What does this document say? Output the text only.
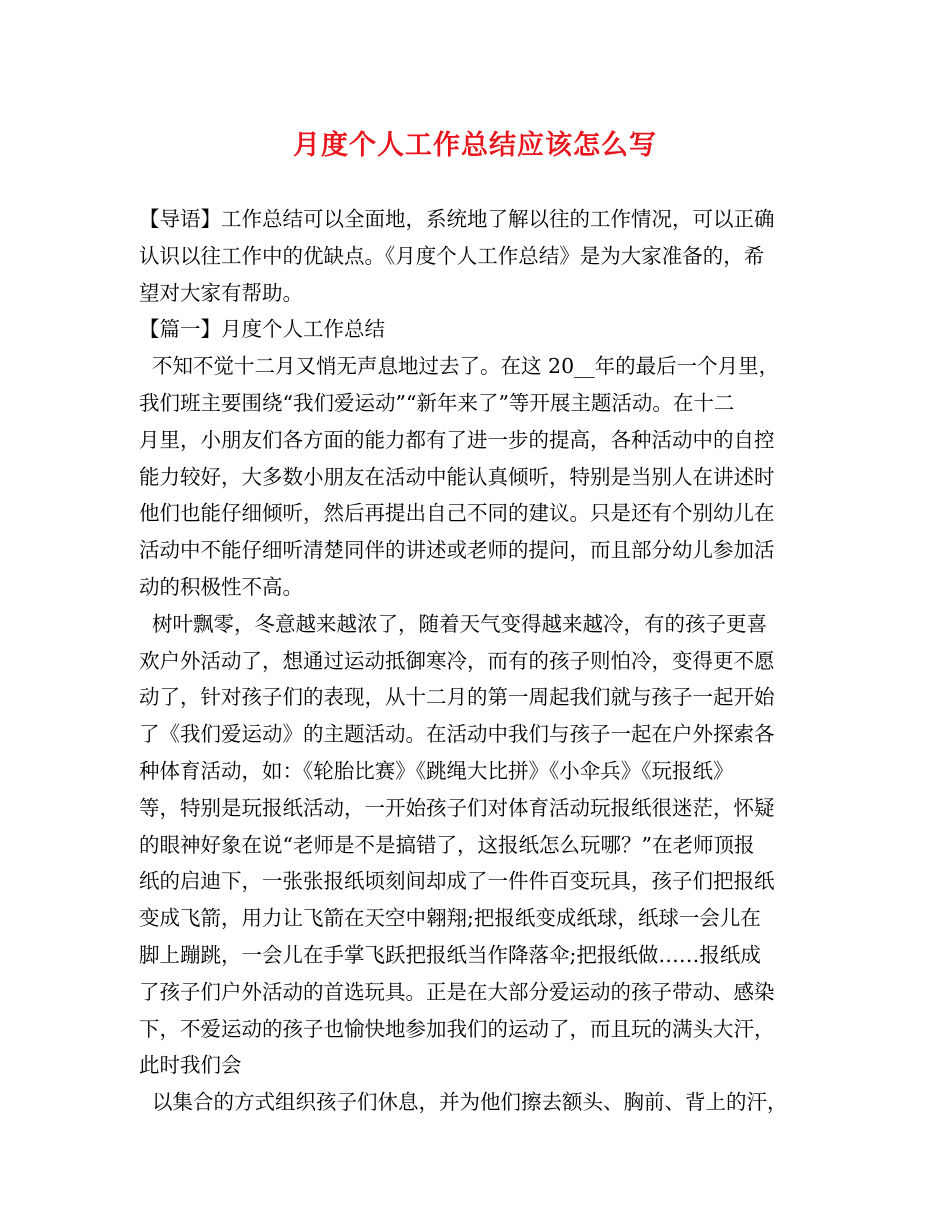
月度个人工作总结应该怎么写
【导语】工作总结可以全面地，系统地了解以往的工作情况，可以正确
认识以往工作中的优缺点。《月度个人工作总结》是为大家准备的，希
望对大家有帮助。
【篇一】月度个人工作总结
不知不觉十二月又悄无声息地过去了。在这 20__年的最后一个月里，
我们班主要围绕“我们爱运动”“新年来了”等开展主题活动。在十二
月里，小朋友们各方面的能力都有了进一步的提高，各种活动中的自控
能力较好，大多数小朋友在活动中能认真倾听，特别是当别人在讲述时
他们也能仔细倾听，然后再提出自己不同的建议。只是还有个别幼儿在
活动中不能仔细听清楚同伴的讲述或老师的提问，而且部分幼儿参加活
动的积极性不高。
树叶飘零，冬意越来越浓了，随着天气变得越来越冷，有的孩子更喜
欢户外活动了，想通过运动抵御寒冷，而有的孩子则怕冷，变得更不愿
动了，针对孩子们的表现，从十二月的第一周起我们就与孩子一起开始
了《我们爱运动》的主题活动。在活动中我们与孩子一起在户外探索各
种体育活动，如：《轮胎比赛》《跳绳大比拼》《小伞兵》《玩报纸》
等，特别是玩报纸活动，一开始孩子们对体育活动玩报纸很迷茫，怀疑
的眼神好象在说“老师是不是搞错了，这报纸怎么玩哪？”在老师顶报
纸的启迪下，一张张报纸顷刻间却成了一件件百变玩具，孩子们把报纸
变成飞箭，用力让飞箭在天空中翱翔;把报纸变成纸球，纸球一会儿在
脚上蹦跳，一会儿在手掌飞跃把报纸当作降落伞;把报纸做……报纸成
了孩子们户外活动的首选玩具。正是在大部分爱运动的孩子带动、感染
下，不爱运动的孩子也愉快地参加我们的运动了，而且玩的满头大汗，
此时我们会
以集合的方式组织孩子们休息，并为他们擦去额头、胸前、背上的汗，
